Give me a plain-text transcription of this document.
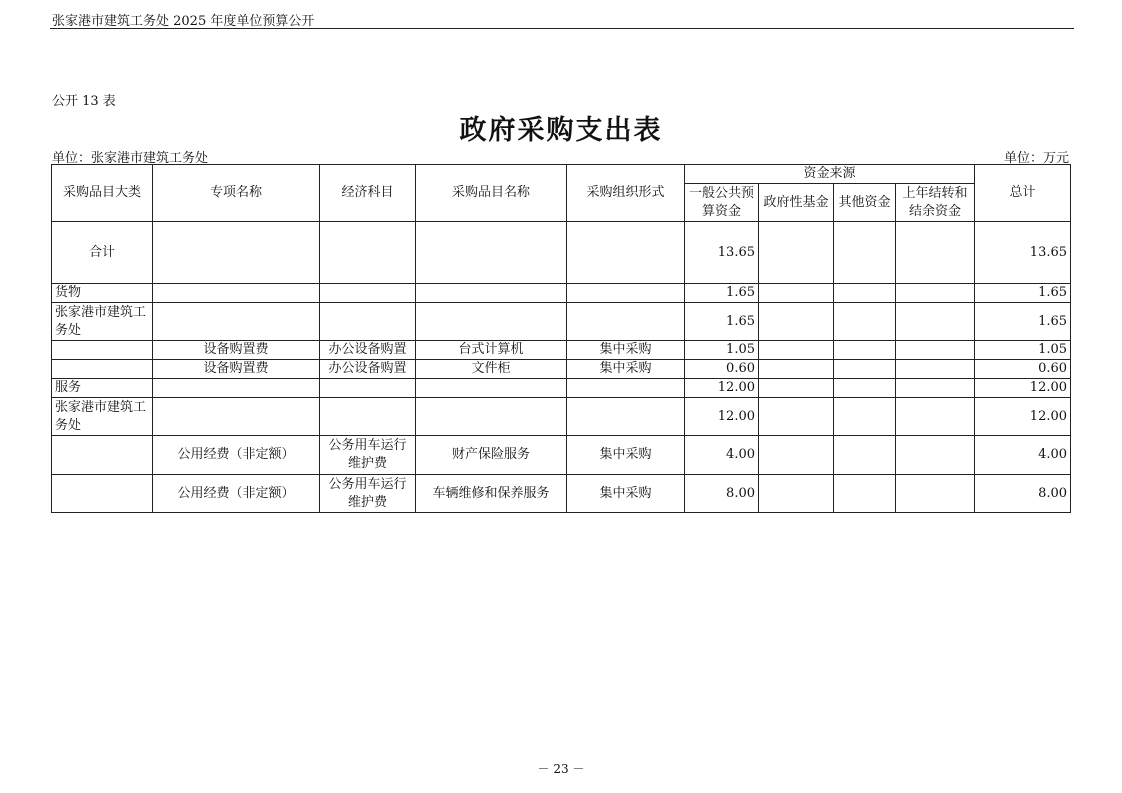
张家港市建筑工务处 2025 年度单位预算公开
公开 13 表
政府采购支出表
单位：张家港市建筑工务处	单位：万元
采购品目大类	专项名称	经济科目	采购品目名称	采购组织形式	资金来源				总计
					一般公共预算资金	政府性基金	其他资金	上年结转和结余资金	
合计					13.65				13.65
货物					1.65				1.65
张家港市建筑工务处					1.65				1.65
	设备购置费	办公设备购置	台式计算机	集中采购	1.05				1.05
	设备购置费	办公设备购置	文件柜	集中采购	0.60				0.60
服务					12.00				12.00
张家港市建筑工务处					12.00				12.00
	公用经费（非定额）	公务用车运行维护费	财产保险服务	集中采购	4.00				4.00
	公用经费（非定额）	公务用车运行维护费	车辆维修和保养服务	集中采购	8.00				8.00
－ 23 －
